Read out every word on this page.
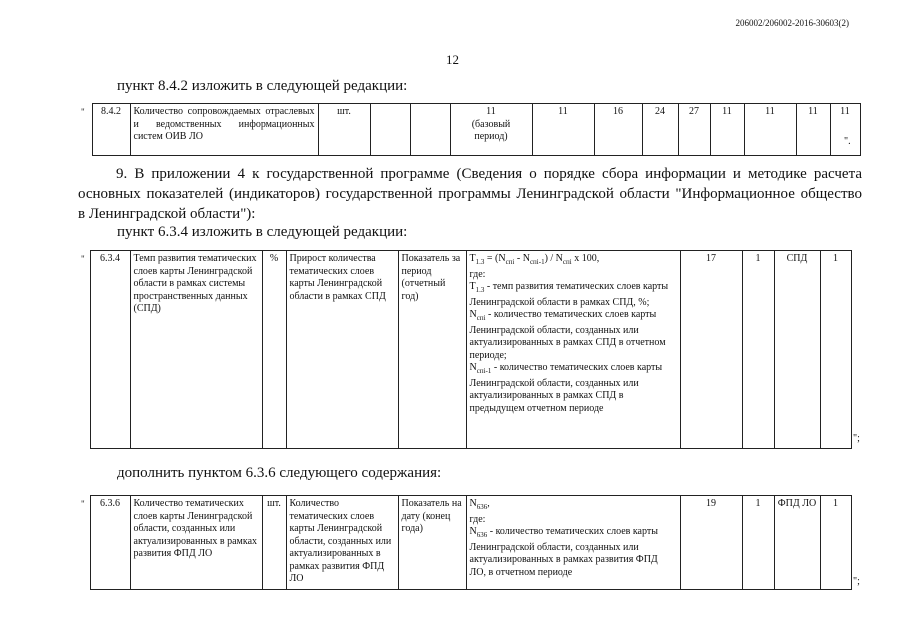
206002/206002-2016-30603(2)
12
пункт 8.4.2 изложить в следующей редакции:
"	8.4.2	Количество сопровождаемых отраслевых и ведомственных информационных систем ОИВ ЛО	шт.			11
(базовый
период)
	11	16	24	27	11	11	11	11
".
9. В приложении 4 к государственной программе (Сведения о порядке сбора информации и методике расчета
основных показателей (индикаторов) государственной программы Ленинградской области "Информационное общество
в Ленинградской области"):
пункт 6.3.4 изложить в следующей редакции:
"	6.3.4	Темп развития тематических слоев карты Ленинградской области в рамках системы пространственных данных (СПД)	%	Прирост количества тематических слоев карты Ленинградской области в рамках СПД	Показатель за период (отчетный год)	
$T_{1.3} = (N_{спi} - N_{спi-1}) / N_{спi}$ x 100,
где:
$T_{1.3}$ - темп развития тематических слоев карты Ленинградской области в рамках СПД, %;
$N_{спi}$ - количество тематических слоев карты Ленинградской области, созданных или актуализированных в рамках СПД в отчетном периоде;
$N_{спi-1}$ - количество тематических слоев карты Ленинградской области, созданных или актуализированных в рамках СПД в предыдущем отчетном периоде
	17	1	СПД	1
";
дополнить пунктом 6.3.6 следующего содержания:
"	6.3.6	Количество тематических слоев карты Ленинградской области, созданных или актуализированных в рамках развития ФПД ЛО	шт.	Количество тематических слоев карты Ленинградской области, созданных или актуализированных в рамках развития ФПД ЛО	Показатель на дату (конец года)	
$N_{636}$,
где:
$N_{636}$ - количество тематических слоев карты Ленинградской области, созданных или актуализированных в рамках развития ФПД ЛО, в отчетном периоде
	19	1	ФПД ЛО	1
";
